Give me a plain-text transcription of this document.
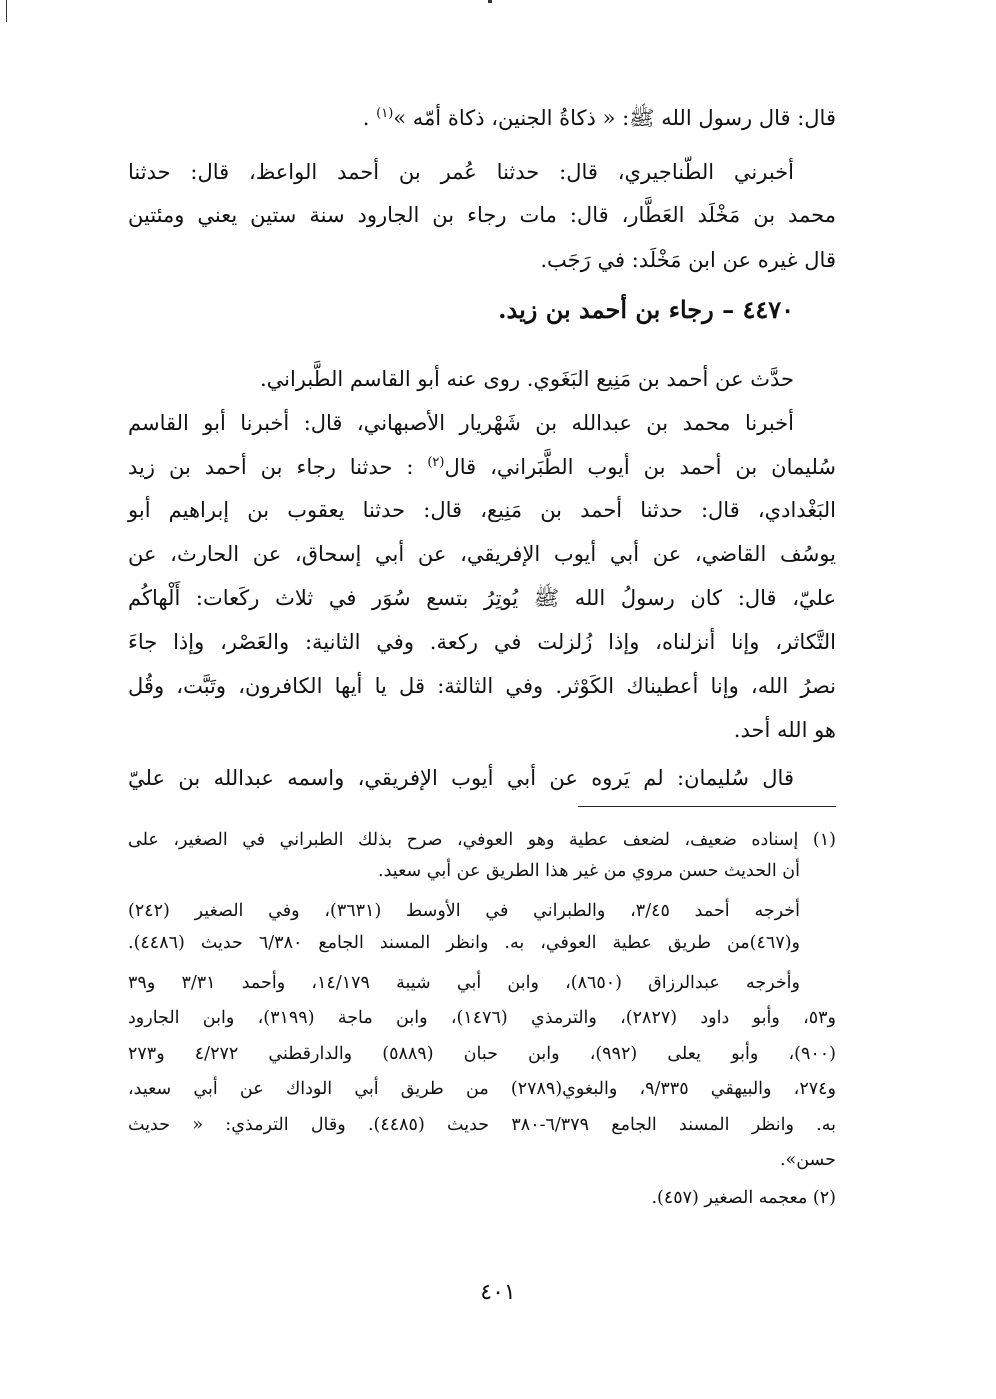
قال: قال رسول الله ﷺ: « ذكاةُ الجنين، ذكاة أمّه »$^{(١)}$ .
أخبرني الطّناجيري، قال: حدثنا عُمر بن أحمد الواعظ، قال: حدثنا
محمد بن مَخْلَد العَطَّار، قال: مات رجاء بن الجارود سنة ستين يعني ومئتين
قال غيره عن ابن مَخْلَد: في رَجَب.
٤٤٧٠ – رجاء بن أحمد بن زيد.
حدَّث عن أحمد بن مَنِيع البَغَوي. روى عنه أبو القاسم الطَّبراني.
أخبرنا محمد بن عبدالله بن شَهْريار الأصبهاني، قال: أخبرنا أبو القاسم
سُليمان بن أحمد بن أيوب الطَّبَراني، قال$^{(٢)}$ : حدثنا رجاء بن أحمد بن زيد
البَغْدادي، قال: حدثنا أحمد بن مَنِيع، قال: حدثنا يعقوب بن إبراهيم أبو
يوسُف القاضي، عن أبي أيوب الإفريقي، عن أبي إسحاق، عن الحارث، عن
عليّ، قال: كان رسولُ الله ﷺ يُوتِرُ بتسع سُوَر في ثلاث ركَعات: أَلْهاكُم
التَّكاثر، وإنا أنزلناه، وإذا زُلزلت في ركعة. وفي الثانية: والعَصْر، وإذا جاءَ
نصرُ الله، وإنا أعطيناك الكَوْثر. وفي الثالثة: قل يا أيها الكافرون، وتَبَّت، وقُل
هو الله أحد.
قال سُليمان: لم يَروه عن أبي أيوب الإفريقي، واسمه عبدالله بن عليّ
(١) إسناده ضعيف، لضعف عطية وهو العوفي، صرح بذلك الطبراني في الصغير، على
أن الحديث حسن مروي من غير هذا الطريق عن أبي سعيد.
أخرجه أحمد ٣/٤٥، والطبراني في الأوسط (٣٦٣١)، وفي الصغير (٢٤٢)
و(٤٦٧)من طريق عطية العوفي، به. وانظر المسند الجامع ٦/٣٨٠ حديث (٤٤٨٦).
وأخرجه عبدالرزاق (٨٦٥٠)، وابن أبي شيبة ١٤/١٧٩، وأحمد ٣/٣١ و٣٩
و٥٣، وأبو داود (٢٨٢٧)، والترمذي (١٤٧٦)، وابن ماجة (٣١٩٩)، وابن الجارود
(٩٠٠)، وأبو يعلى (٩٩٢)، وابن حبان (٥٨٨٩) والدارقطني ٤/٢٧٢ و٢٧٣
و٢٧٤، والبيهقي ٩/٣٣٥، والبغوي(٢٧٨٩) من طريق أبي الوداك عن أبي سعيد،
به. وانظر المسند الجامع ٦/٣٧٩-٣٨٠ حديث (٤٤٨٥). وقال الترمذي: « حديث
حسن».
(٢) معجمه الصغير (٤٥٧).
٤٠١
